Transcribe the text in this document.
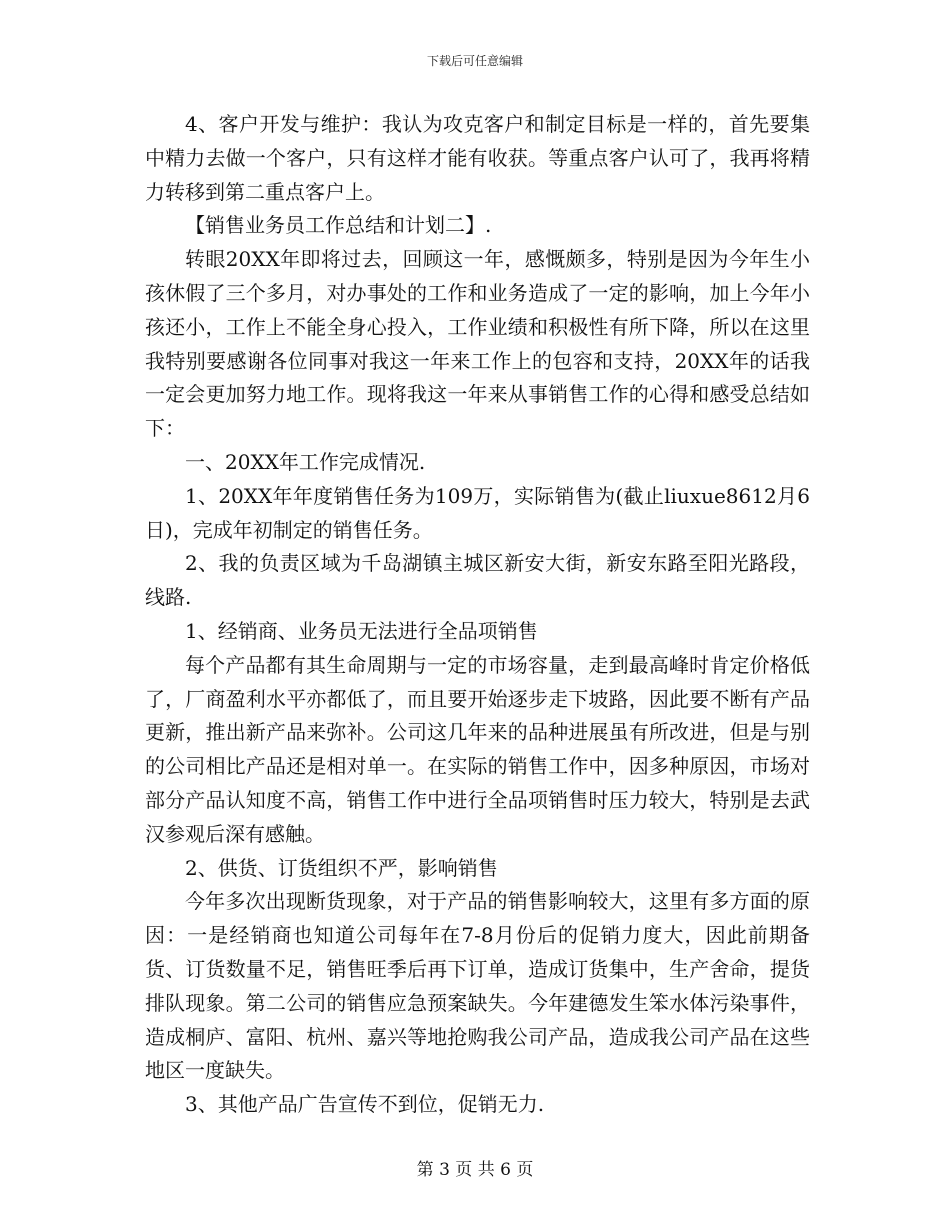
下载后可任意编辑

4、客户开发与维护：我认为攻克客户和制定目标是一样的，首先要集中精力去做一个客户，只有这样才能有收获。等重点客户认可了，我再将精力转移到第二重点客户上。

【销售业务员工作总结和计划二】.

转眼20XX年即将过去，回顾这一年，感慨颇多，特别是因为今年生小孩休假了三个多月，对办事处的工作和业务造成了一定的影响，加上今年小孩还小，工作上不能全身心投入，工作业绩和积极性有所下降，所以在这里我特别要感谢各位同事对我这一年来工作上的包容和支持，20XX年的话我一定会更加努力地工作。现将我这一年来从事销售工作的心得和感受总结如下：

一、20XX年工作完成情况.

1、20XX年年度销售任务为109万，实际销售为(截止liuxue8612月6日)，完成年初制定的销售任务。

2、我的负责区域为千岛湖镇主城区新安大街，新安东路至阳光路段，线路.

1、经销商、业务员无法进行全品项销售

每个产品都有其生命周期与一定的市场容量，走到最高峰时肯定价格低了，厂商盈利水平亦都低了，而且要开始逐步走下坡路，因此要不断有产品更新，推出新产品来弥补。公司这几年来的品种进展虽有所改进，但是与别的公司相比产品还是相对单一。在实际的销售工作中，因多种原因，市场对部分产品认知度不高，销售工作中进行全品项销售时压力较大，特别是去武汉参观后深有感触。

2、供货、订货组织不严，影响销售

今年多次出现断货现象，对于产品的销售影响较大，这里有多方面的原因：一是经销商也知道公司每年在7-8月份后的促销力度大，因此前期备货、订货数量不足，销售旺季后再下订单，造成订货集中，生产舍命，提货排队现象。第二公司的销售应急预案缺失。今年建德发生笨水体污染事件，造成桐庐、富阳、杭州、嘉兴等地抢购我公司产品，造成我公司产品在这些地区一度缺失。

3、其他产品广告宣传不到位，促销无力.

第 3 页 共 6 页
